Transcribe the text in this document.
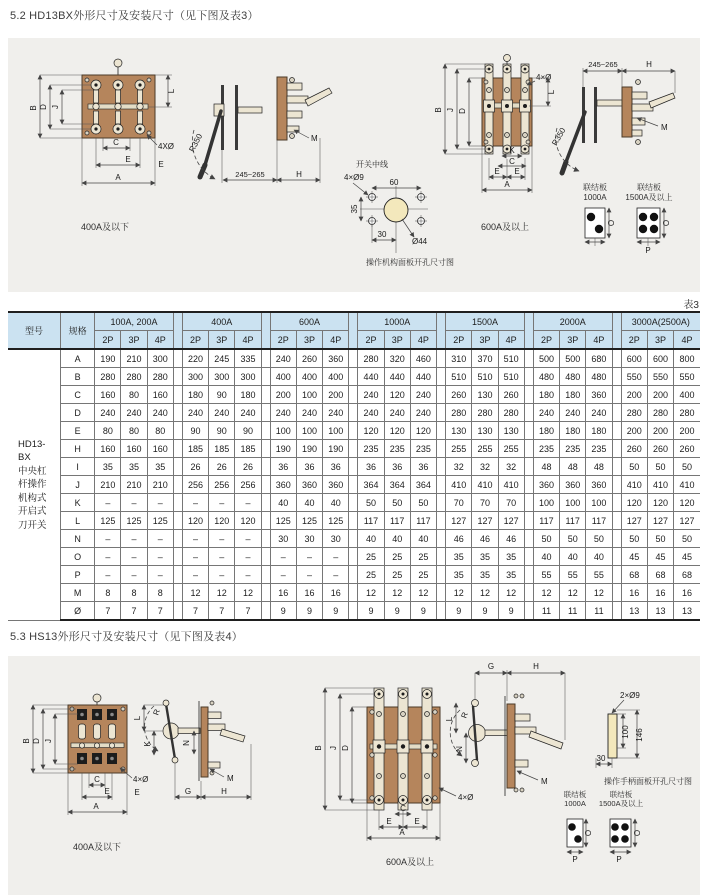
B D J
L
C
E
A
4XØ
400A及以下
R350
E
245~265	H
M
4×Ø9
60
35
30
Ø44
开关中线
操作机构面板开孔尺寸图
B J D
K
C
E E
A
4×Ø
L
600A及以上
R350
245~265	H
M
联结板
1000A
O
联结板
1500A及以上
O
P
B D J
C
E	E
A
4×Ø
400A及以下
R
L
K	N
M
G	H
B J D
C
E	E
A
4×Ø
600A及以上
R
L
N
M
G	H
2×Ø9
100 146
30
操作手柄面板开孔尺寸图
联结板
1000A
O
P
联结板
1500A及以上
O
P
5.2 HD13BX外形尺寸及安装尺寸（见下图及表3）
表3
型号	规格	100A, 200A				400A				600A				1000A				1500A				2000A				3000A(2500A)		
		2P	3P	4P		2P	3P	4P		2P	3P	4P		2P	3P	4P		2P	3P	4P		2P	3P	4P		2P	3P	4P
HD13-
BX
中央杠
杆操作
机构式
开启式
刀开关	A	190	210	300		220	245	335		240	260	360		280	320	460		310	370	510		500	500	680		600	600	800
	B	280	280	280		300	300	300		400	400	400		440	440	440		510	510	510		480	480	480		550	550	550
	C	160	80	160		180	90	180		200	100	200		240	120	240		260	130	260		180	180	360		200	200	400
	D	240	240	240		240	240	240		240	240	240		240	240	240		280	280	280		240	240	240		280	280	280
	E	80	80	80		90	90	90		100	100	100		120	120	120		130	130	130		180	180	180		200	200	200
	H	160	160	160		185	185	185		190	190	190		235	235	235		255	255	255		235	235	235		260	260	260
	I	35	35	35		26	26	26		36	36	36		36	36	36		32	32	32		48	48	48		50	50	50
	J	210	210	210		256	256	256		360	360	360		364	364	364		410	410	410		360	360	360		410	410	410
	K	–	–	–		–	–	–		40	40	40		50	50	50		70	70	70		100	100	100		120	120	120
	L	125	125	125		120	120	120		125	125	125		117	117	117		127	127	127		117	117	117		127	127	127
	N	–	–	–		–	–	–		30	30	30		40	40	40		46	46	46		50	50	50		50	50	50
	O	–	–	–		–	–	–		–	–	–		25	25	25		35	35	35		40	40	40		45	45	45
	P	–	–	–		–	–	–		–	–	–		25	25	25		35	35	35		55	55	55		68	68	68
	M	8	8	8		12	12	12		16	16	16		12	12	12		12	12	12		12	12	12		16	16	16
	Ø	7	7	7		7	7	7		9	9	9		9	9	9		9	9	9		11	11	11		13	13	13
5.3 HS13外形尺寸及安装尺寸（见下图及表4）
